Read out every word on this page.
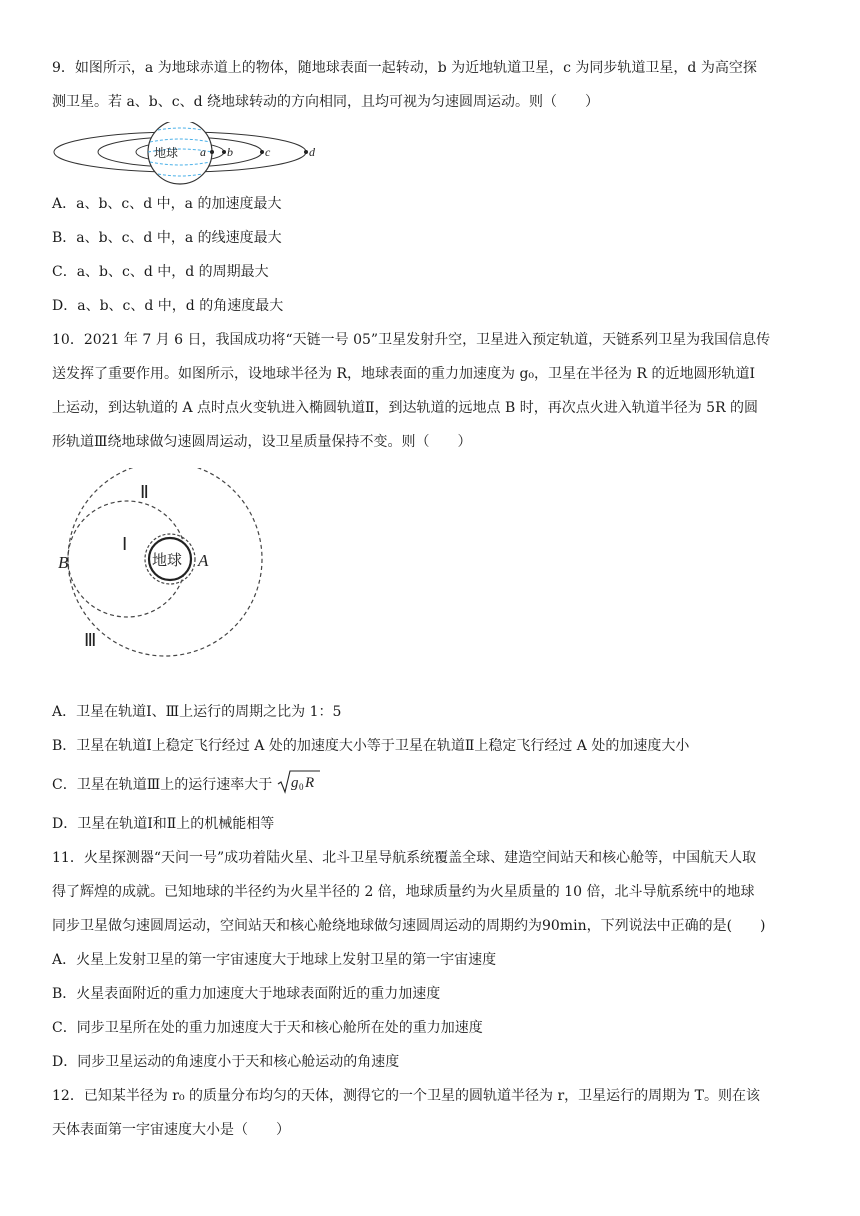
9．如图所示，a 为地球赤道上的物体，随地球表面一起转动，b 为近地轨道卫星，c 为同步轨道卫星，d 为高空探
测卫星。若 a、b、c、d 绕地球转动的方向相同，且均可视为匀速圆周运动。则（　　）
地球 a b	c	d
A．a、b、c、d 中，a 的加速度最大
B．a、b、c、d 中，a 的线速度最大
C．a、b、c、d 中，d 的周期最大
D．a、b、c、d 中，d 的角速度最大
10．2021 年 7 月 6 日，我国成功将“天链一号 05”卫星发射升空，卫星进入预定轨道，天链系列卫星为我国信息传
送发挥了重要作用。如图所示，设地球半径为 R，地球表面的重力加速度为 g₀，卫星在半径为 R 的近地圆形轨道Ⅰ
上运动，到达轨道的 A 点时点火变轨进入椭圆轨道Ⅱ，到达轨道的远地点 B 时，再次点火进入轨道半径为 5R 的圆
形轨道Ⅲ绕地球做匀速圆周运动，设卫星质量保持不变。则（　　）
地球 A
B
Ⅰ
Ⅱ
Ⅲ
A．卫星在轨道Ⅰ、Ⅲ上运行的周期之比为 1：5
B．卫星在轨道Ⅰ上稳定飞行经过 A 处的加速度大小等于卫星在轨道Ⅱ上稳定飞行经过 A 处的加速度大小
C．卫星在轨道Ⅲ上的运行速率大于 g 0 R
D．卫星在轨道Ⅰ和Ⅱ上的机械能相等
11．火星探测器“天问一号”成功着陆火星、北斗卫星导航系统覆盖全球、建造空间站天和核心舱等，中国航天人取
得了辉煌的成就。已知地球的半径约为火星半径的 2 倍，地球质量约为火星质量的 10 倍，北斗导航系统中的地球
同步卫星做匀速圆周运动，空间站天和核心舱绕地球做匀速圆周运动的周期约为90min，下列说法中正确的是(　　)
A．火星上发射卫星的第一宇宙速度大于地球上发射卫星的第一宇宙速度
B．火星表面附近的重力加速度大于地球表面附近的重力加速度
C．同步卫星所在处的重力加速度大于天和核心舱所在处的重力加速度
D．同步卫星运动的角速度小于天和核心舱运动的角速度
12．已知某半径为 r₀ 的质量分布均匀的天体，测得它的一个卫星的圆轨道半径为 r，卫星运行的周期为 T。则在该
天体表面第一宇宙速度大小是（　　）
